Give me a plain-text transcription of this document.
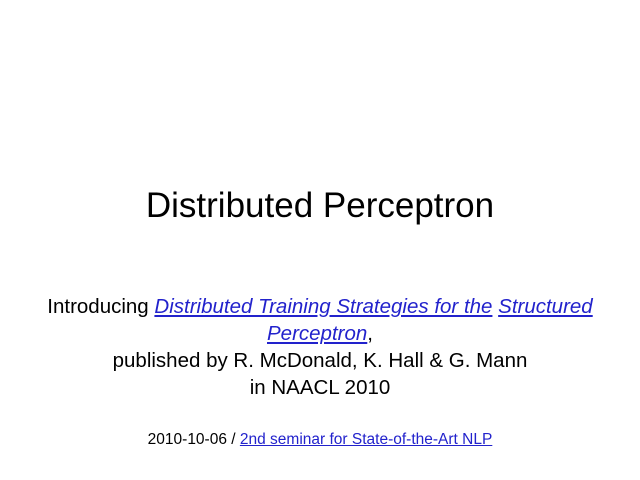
Distributed Perceptron
Introducing Distributed Training Strategies for the Structured Perceptron,
published by R. McDonald, K. Hall & G. Mann
in NAACL 2010
2010-10-06 / 2nd seminar for State-of-the-Art NLP
